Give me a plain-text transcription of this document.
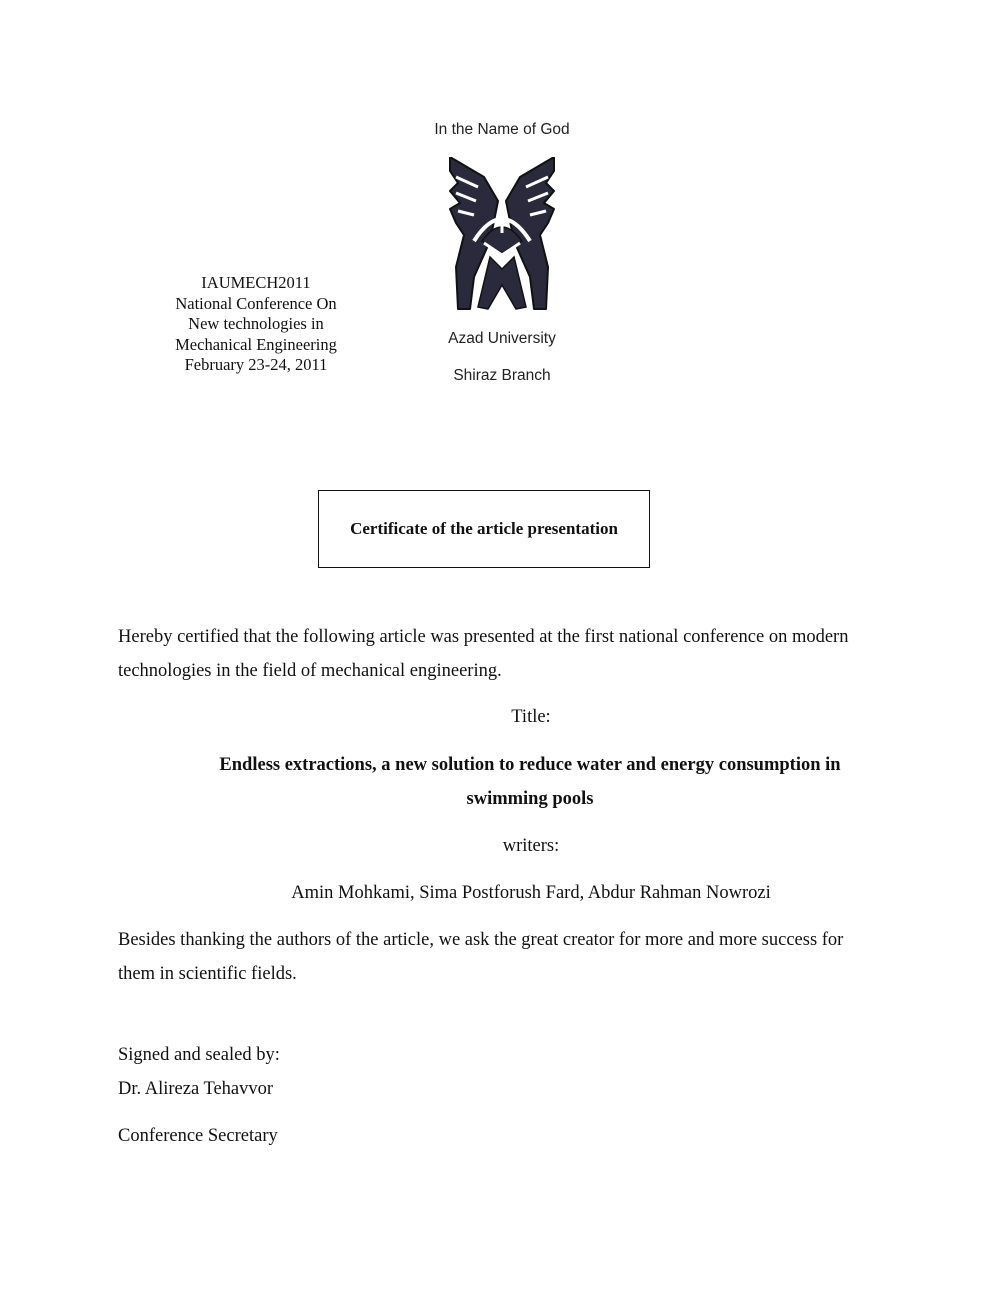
In the Name of God
IAUMECH2011
National Conference On
New technologies in
Mechanical Engineering
February 23-24, 2011
Azad University
Shiraz Branch
Certificate of the article presentation
Hereby certified that the following article was presented at the first national conference on modern technologies in the field of mechanical engineering.
Title:
Endless extractions, a new solution to reduce water and energy consumption in swimming pools
writers:
Amin Mohkami, Sima Postforush Fard, Abdur Rahman Nowrozi
Besides thanking the authors of the article, we ask the great creator for more and more success for them in scientific fields.
Signed and sealed by:
Dr. Alireza Tehavvor
Conference Secretary
